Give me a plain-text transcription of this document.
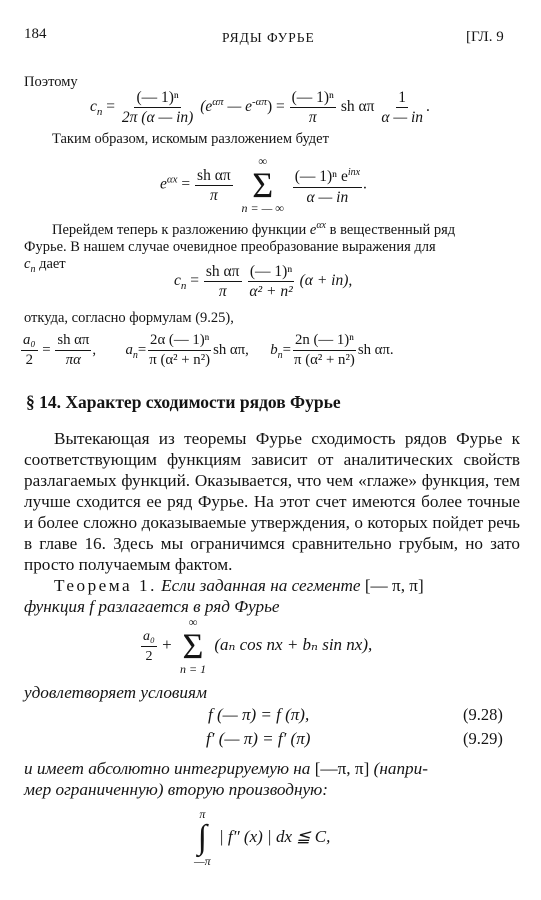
184	РЯДЫ ФУРЬЕ	[ГЛ. 9
Поэтому
$c_n = \frac{\text{(— 1)ⁿ}}{2\pi (\alpha — in)} (e^{\alpha\pi}$ — $e^{-\alpha\pi}) = \frac{\text{(— 1)ⁿ}}{\pi}$ sh απ $\frac{1}{\alpha — in}$ .
Таким образом, искомым разложением будет
$e^{\alpha x} = \frac{\text{sh απ}}{\pi}$

∞
Σ
n = — ∞

$\frac{(— 1)^n e^{inx}}{\alpha — in}$ .
Перейдем теперь к разложению функции $e^{\alpha x}$ в вещественный ряд
Фурье. В нашем случае очевидное преобразование выражения для
$c_n$ дает
$c_n = \frac{\text{sh απ}}{\pi}$
$\frac{\text{(— 1)ⁿ}}{\text{α² + n²}} (\alpha + in)$,
откуда, согласно формулам (9.25),
$\frac{\text{a₀}}{2} = \frac{\text{sh απ}}{\pi\alpha}$ , $a_n= \frac{\text{2α (— 1)ⁿ}}{\text{π (α² + n²)}}$ sh απ, $b_n= \frac{\text{2n (— 1)ⁿ}}{\text{π (α² + n²)}}$ sh απ.
§ 14. Характер сходимости рядов Фурье
Вытекающая из теоремы Фурье сходимость рядов Фурье к соответствующим функциям зависит от аналитических свойств разлагаемых функций. Оказывается, что чем «глаже» функция, тем лучше сходится ее ряд Фурье. На этот счет имеются более точные и более сложно доказываемые утверждения, о которых пойдет речь в главе 16. Здесь мы ограничимся сравнительно грубым, но зато просто получаемым фактом.
Теорема 1. Если заданная на сегменте [— π, π]
функция f разлагается в ряд Фурье
$\frac{\text{a₀}}{2}$ +
∞
Σ
n = 1
(aₙ cos nx + bₙ sin nx),
удовлетворяет условиям
f (— π) = f (π),	(9.28)
f′ (— π) = f′ (π)	(9.29)
и имеет абсолютно интегрируемую на [—π, π] (напри-
мер ограниченную) вторую производную:
π
∫
—π
| f″ (x) | dx ≦ C,
